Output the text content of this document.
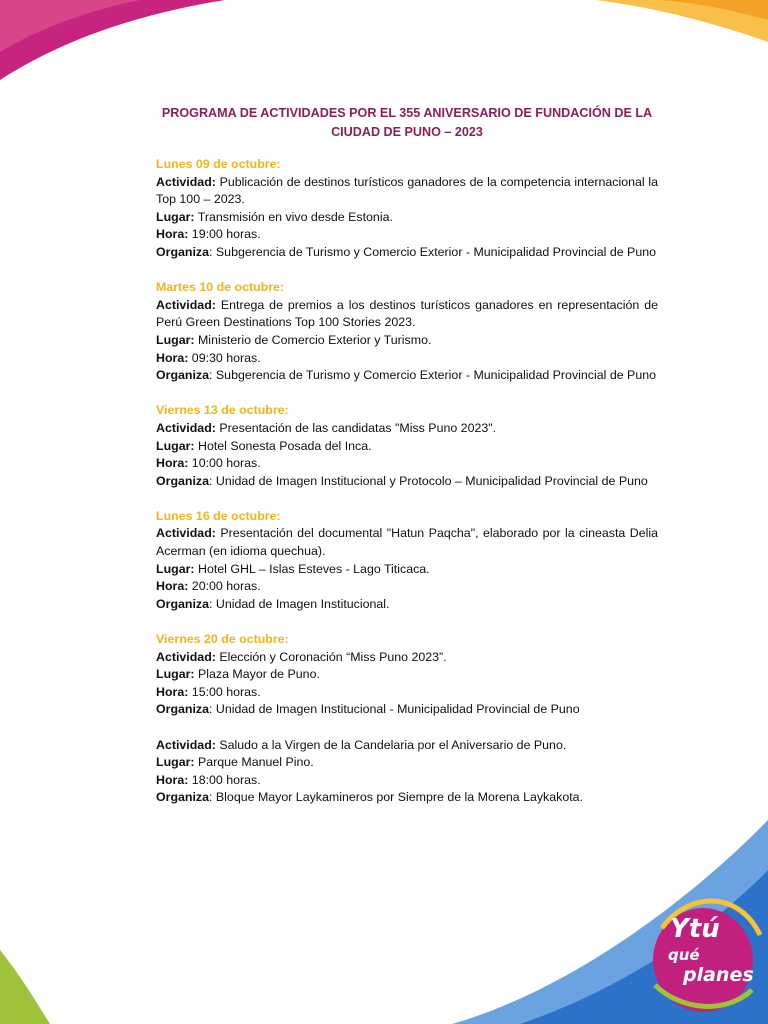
Ytú
qué
planes
PROGRAMA DE ACTIVIDADES POR EL 355 ANIVERSARIO DE FUNDACIÓN DE LA CIUDAD DE PUNO – 2023
Lunes 09 de octubre:
Actividad: Publicación de destinos turísticos ganadores de la competencia internacional la Top 100 – 2023.
Lugar: Transmisión en vivo desde Estonia.
Hora: 19:00 horas.
Organiza: Subgerencia de Turismo y Comercio Exterior - Municipalidad Provincial de Puno
Martes 10 de octubre:
Actividad: Entrega de premios a los destinos turísticos ganadores en representación de Perú Green Destinations Top 100 Stories 2023.
Lugar: Ministerio de Comercio Exterior y Turismo.
Hora: 09:30 horas.
Organiza: Subgerencia de Turismo y Comercio Exterior - Municipalidad Provincial de Puno
Viernes 13 de octubre:
Actividad: Presentación de las candidatas "Miss Puno 2023".
Lugar: Hotel Sonesta Posada del Inca.
Hora: 10:00 horas.
Organiza: Unidad de Imagen Institucional y Protocolo – Municipalidad Provincial de Puno
Lunes 16 de octubre:
Actividad: Presentación del documental "Hatun Paqcha", elaborado por la cineasta Delia Acerman (en idioma quechua).
Lugar: Hotel GHL – Islas Esteves - Lago Titicaca.
Hora: 20:00 horas.
Organiza: Unidad de Imagen Institucional.
Viernes 20 de octubre:
Actividad: Elección y Coronación “Miss Puno 2023”.
Lugar: Plaza Mayor de Puno.
Hora: 15:00 horas.
Organiza: Unidad de Imagen Institucional - Municipalidad Provincial de Puno
Actividad: Saludo a la Virgen de la Candelaria por el Aniversario de Puno.
Lugar: Parque Manuel Pino.
Hora: 18:00 horas.
Organiza: Bloque Mayor Laykamineros por Siempre de la Morena Laykakota.
